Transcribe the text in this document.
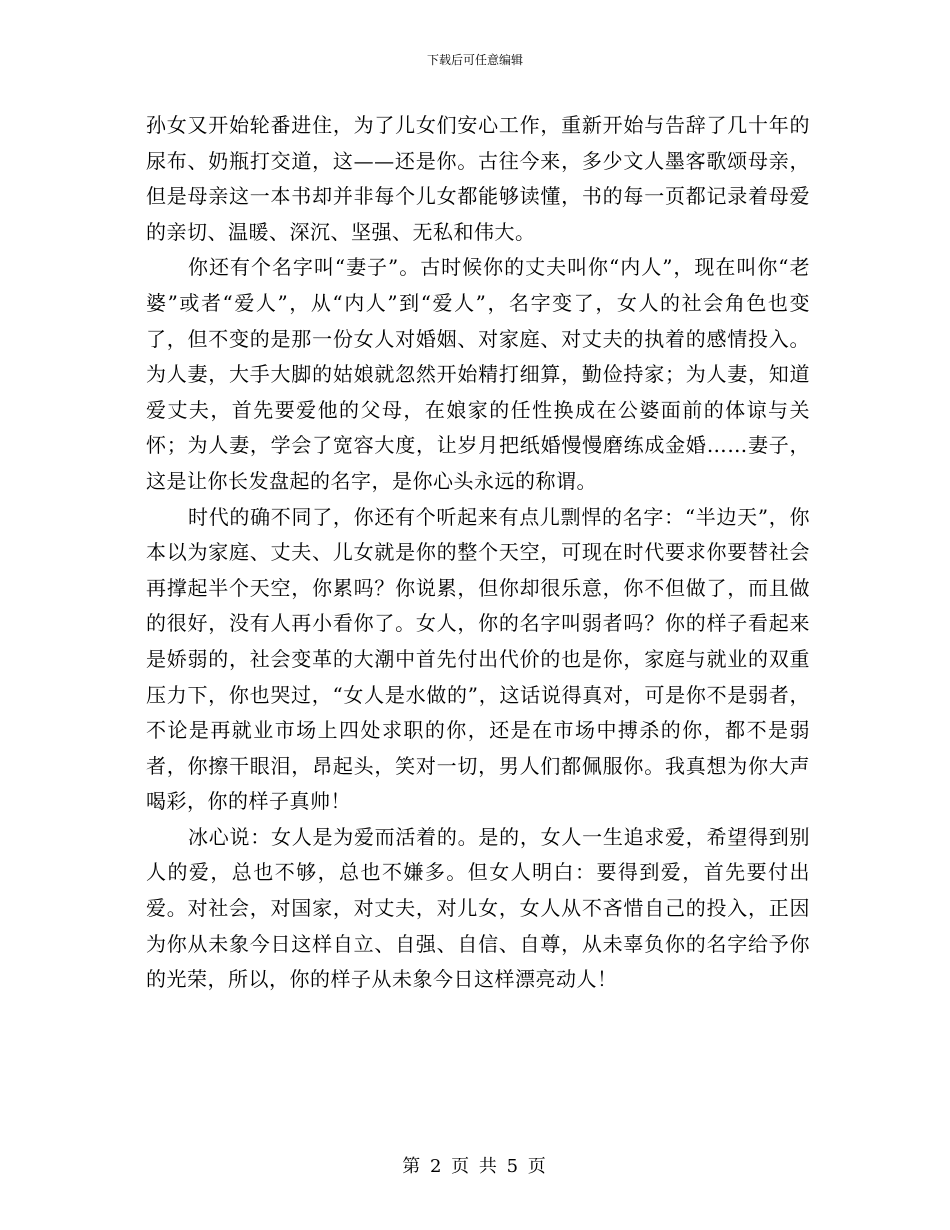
下载后可任意编辑

孙女又开始轮番进住，为了儿女们安心工作，重新开始与告辞了几十年的尿布、奶瓶打交道，这——还是你。古往今来，多少文人墨客歌颂母亲，但是母亲这一本书却并非每个儿女都能够读懂，书的每一页都记录着母爱的亲切、温暖、深沉、坚强、无私和伟大。

你还有个名字叫“妻子”。古时候你的丈夫叫你“内人”，现在叫你“老婆”或者“爱人”，从“内人”到“爱人”，名字变了，女人的社会角色也变了，但不变的是那一份女人对婚姻、对家庭、对丈夫的执着的感情投入。为人妻，大手大脚的姑娘就忽然开始精打细算，勤俭持家；为人妻，知道爱丈夫，首先要爱他的父母，在娘家的任性换成在公婆面前的体谅与关怀；为人妻，学会了宽容大度，让岁月把纸婚慢慢磨练成金婚……妻子，这是让你长发盘起的名字，是你心头永远的称谓。

时代的确不同了，你还有个听起来有点儿剽悍的名字：“半边天”，你本以为家庭、丈夫、儿女就是你的整个天空，可现在时代要求你要替社会再撑起半个天空，你累吗？你说累，但你却很乐意，你不但做了，而且做的很好，没有人再小看你了。女人，你的名字叫弱者吗？你的样子看起来是娇弱的，社会变革的大潮中首先付出代价的也是你，家庭与就业的双重压力下，你也哭过，“女人是水做的”，这话说得真对，可是你不是弱者，不论是再就业市场上四处求职的你，还是在市场中搏杀的你，都不是弱者，你擦干眼泪，昂起头，笑对一切，男人们都佩服你。我真想为你大声喝彩，你的样子真帅！

冰心说：女人是为爱而活着的。是的，女人一生追求爱，希望得到别人的爱，总也不够，总也不嫌多。但女人明白：要得到爱，首先要付出爱。对社会，对国家，对丈夫，对儿女，女人从不吝惜自己的投入，正因为你从未象今日这样自立、自强、自信、自尊，从未辜负你的名字给予你的光荣，所以，你的样子从未象今日这样漂亮动人！

第 2 页 共 5 页
